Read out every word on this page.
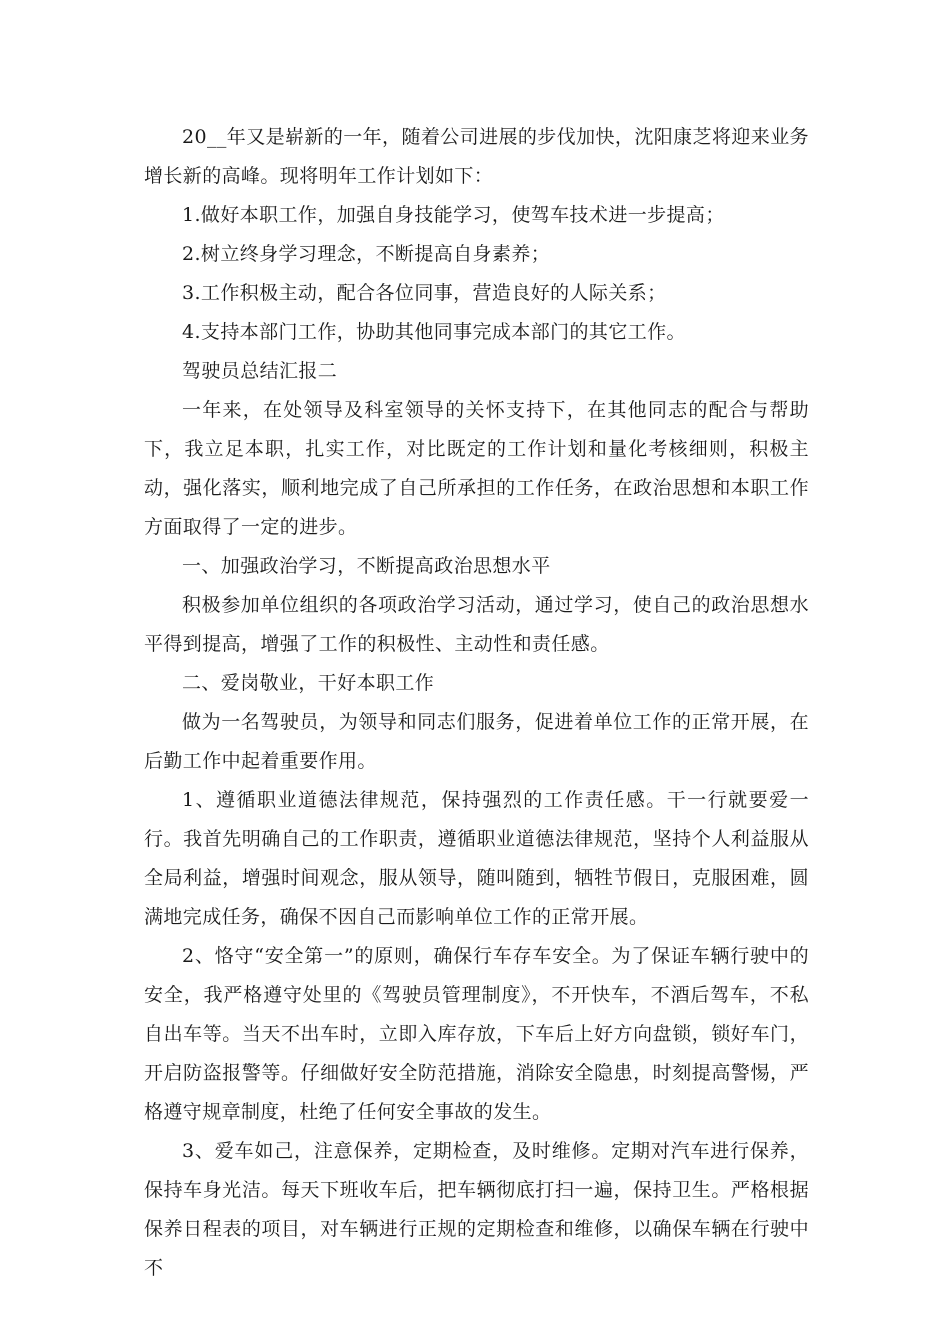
20__年又是崭新的一年，随着公司进展的步伐加快，沈阳康芝将迎来业务增长新的高峰。现将明年工作计划如下：

1.做好本职工作，加强自身技能学习，使驾车技术进一步提高；

2.树立终身学习理念，不断提高自身素养；

3.工作积极主动，配合各位同事，营造良好的人际关系；

4.支持本部门工作，协助其他同事完成本部门的其它工作。

驾驶员总结汇报二

一年来，在处领导及科室领导的关怀支持下，在其他同志的配合与帮助下，我立足本职，扎实工作，对比既定的工作计划和量化考核细则，积极主动，强化落实，顺利地完成了自己所承担的工作任务，在政治思想和本职工作方面取得了一定的进步。

一、加强政治学习，不断提高政治思想水平

积极参加单位组织的各项政治学习活动，通过学习，使自己的政治思想水平得到提高，增强了工作的积极性、主动性和责任感。

二、爱岗敬业，干好本职工作

做为一名驾驶员，为领导和同志们服务，促进着单位工作的正常开展，在后勤工作中起着重要作用。

1、遵循职业道德法律规范，保持强烈的工作责任感。干一行就要爱一行。我首先明确自己的工作职责，遵循职业道德法律规范，坚持个人利益服从全局利益，增强时间观念，服从领导，随叫随到，牺牲节假日，克服困难，圆满地完成任务，确保不因自己而影响单位工作的正常开展。

2、恪守“安全第一”的原则，确保行车存车安全。为了保证车辆行驶中的安全，我严格遵守处里的《驾驶员管理制度》，不开快车，不酒后驾车，不私自出车等。当天不出车时，立即入库存放，下车后上好方向盘锁，锁好车门，开启防盗报警等。仔细做好安全防范措施，消除安全隐患，时刻提高警惕，严格遵守规章制度，杜绝了任何安全事故的发生。

3、爱车如己，注意保养，定期检查，及时维修。定期对汽车进行保养，保持车身光洁。每天下班收车后，把车辆彻底打扫一遍，保持卫生。严格根据保养日程表的项目，对车辆进行正规的定期检查和维修，以确保车辆在行驶中不
